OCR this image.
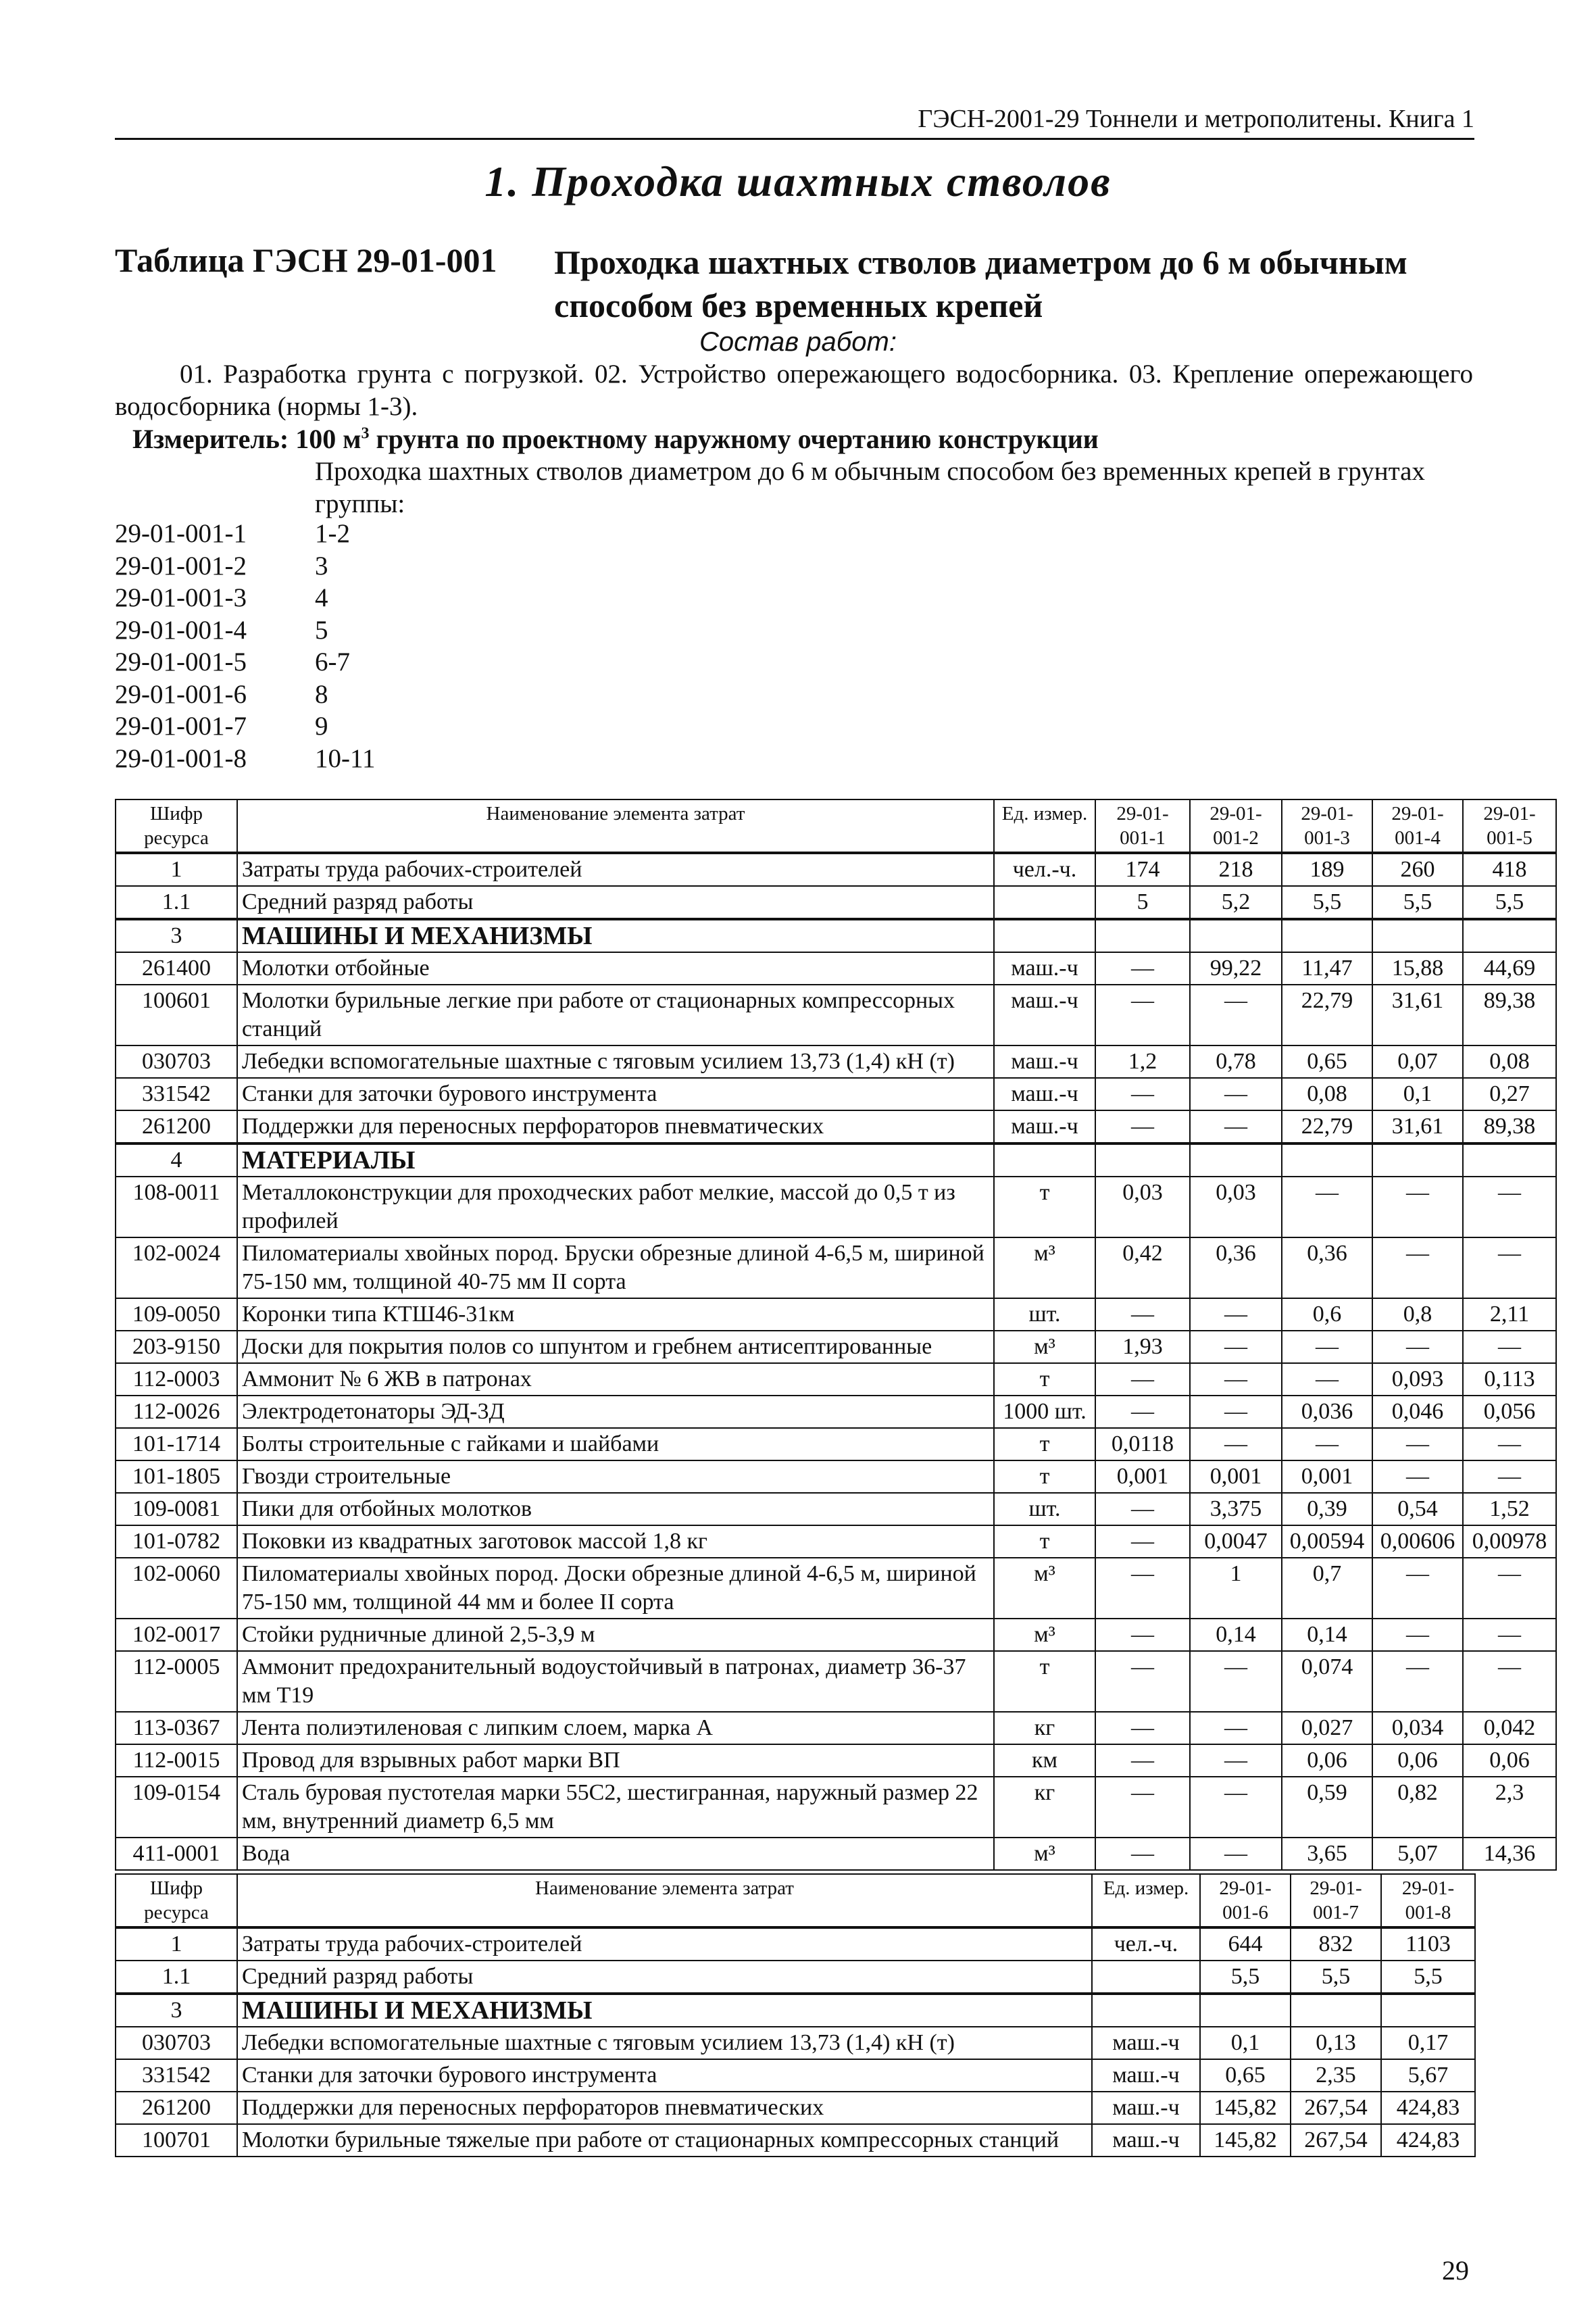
ГЭСН-2001-29 Тоннели и метрополитены. Книга 1
1. Проходка шахтных стволов
Таблица ГЭСН 29-01-001 Проходка шахтных стволов диаметром до 6 м обычным способом без временных крепей
Состав работ:
01. Разработка грунта с погрузкой. 02. Устройство опережающего водосборника. 03. Крепление опережающего водосборника (нормы 1-3).
Измеритель: 100 $м^3$ грунта по проектному наружному очертанию конструкции
Проходка шахтных стволов диаметром до 6 м обычным способом без временных крепей в грунтах группы:
29-01-001-1	1-2
29-01-001-2	3
29-01-001-3	4
29-01-001-4	5
29-01-001-5	6-7
29-01-001-6	8
29-01-001-7	9
29-01-001-8	10-11
Шифр ресурса	Наименование элемента затрат	Ед. измер.	29-01-001-1	29-01-001-2	29-01-001-3	29-01-001-4	29-01-001-5
1	Затраты труда рабочих-строителей	чел.-ч.	174	218	189	260	418
1.1	Средний разряд работы		5	5,2	5,5	5,5	5,5
3	МАШИНЫ И МЕХАНИЗМЫ						
261400	Молотки отбойные	маш.-ч	—	99,22	11,47	15,88	44,69
100601	Молотки бурильные легкие при работе от стационарных компрессорных станций	маш.-ч	—	—	22,79	31,61	89,38
030703	Лебедки вспомогательные шахтные с тяговым усилием 13,73 (1,4) кН (т)	маш.-ч	1,2	0,78	0,65	0,07	0,08
331542	Станки для заточки бурового инструмента	маш.-ч	—	—	0,08	0,1	0,27
261200	Поддержки для переносных перфораторов пневматических	маш.-ч	—	—	22,79	31,61	89,38
4	МАТЕРИАЛЫ						
108-0011	Металлоконструкции для проходческих работ мелкие, массой до 0,5 т из профилей	т	0,03	0,03	—	—	—
102-0024	Пиломатериалы хвойных пород. Бруски обрезные длиной 4-6,5 м, шириной 75-150 мм, толщиной 40-75 мм II сорта	м³	0,42	0,36	0,36	—	—
109-0050	Коронки типа КТШ46-31км	шт.	—	—	0,6	0,8	2,11
203-9150	Доски для покрытия полов со шпунтом и гребнем антисептированные	м³	1,93	—	—	—	—
112-0003	Аммонит № 6 ЖВ в патронах	т	—	—	—	0,093	0,113
112-0026	Электродетонаторы ЭД-3Д	1000 шт.	—	—	0,036	0,046	0,056
101-1714	Болты строительные с гайками и шайбами	т	0,0118	—	—	—	—
101-1805	Гвозди строительные	т	0,001	0,001	0,001	—	—
109-0081	Пики для отбойных молотков	шт.	—	3,375	0,39	0,54	1,52
101-0782	Поковки из квадратных заготовок массой 1,8 кг	т	—	0,0047	0,00594	0,00606	0,00978
102-0060	Пиломатериалы хвойных пород. Доски обрезные длиной 4-6,5 м, шириной 75-150 мм, толщиной 44 мм и более II сорта	м³	—	1	0,7	—	—
102-0017	Стойки рудничные длиной 2,5-3,9 м	м³	—	0,14	0,14	—	—
112-0005	Аммонит предохранительный водоустойчивый в патронах, диаметр 36-37 мм Т19	т	—	—	0,074	—	—
113-0367	Лента полиэтиленовая с липким слоем, марка А	кг	—	—	0,027	0,034	0,042
112-0015	Провод для взрывных работ марки ВП	км	—	—	0,06	0,06	0,06
109-0154	Сталь буровая пустотелая марки 55С2, шестигранная, наружный размер 22 мм, внутренний диаметр 6,5 мм	кг	—	—	0,59	0,82	2,3
411-0001	Вода	м³	—	—	3,65	5,07	14,36
Шифр ресурса	Наименование элемента затрат	Ед. измер.	29-01-001-6	29-01-001-7	29-01-001-8
1	Затраты труда рабочих-строителей	чел.-ч.	644	832	1103
1.1	Средний разряд работы		5,5	5,5	5,5
3	МАШИНЫ И МЕХАНИЗМЫ				
030703	Лебедки вспомогательные шахтные с тяговым усилием 13,73 (1,4) кН (т)	маш.-ч	0,1	0,13	0,17
331542	Станки для заточки бурового инструмента	маш.-ч	0,65	2,35	5,67
261200	Поддержки для переносных перфораторов пневматических	маш.-ч	145,82	267,54	424,83
100701	Молотки бурильные тяжелые при работе от стационарных компрессорных станций	маш.-ч	145,82	267,54	424,83
29
